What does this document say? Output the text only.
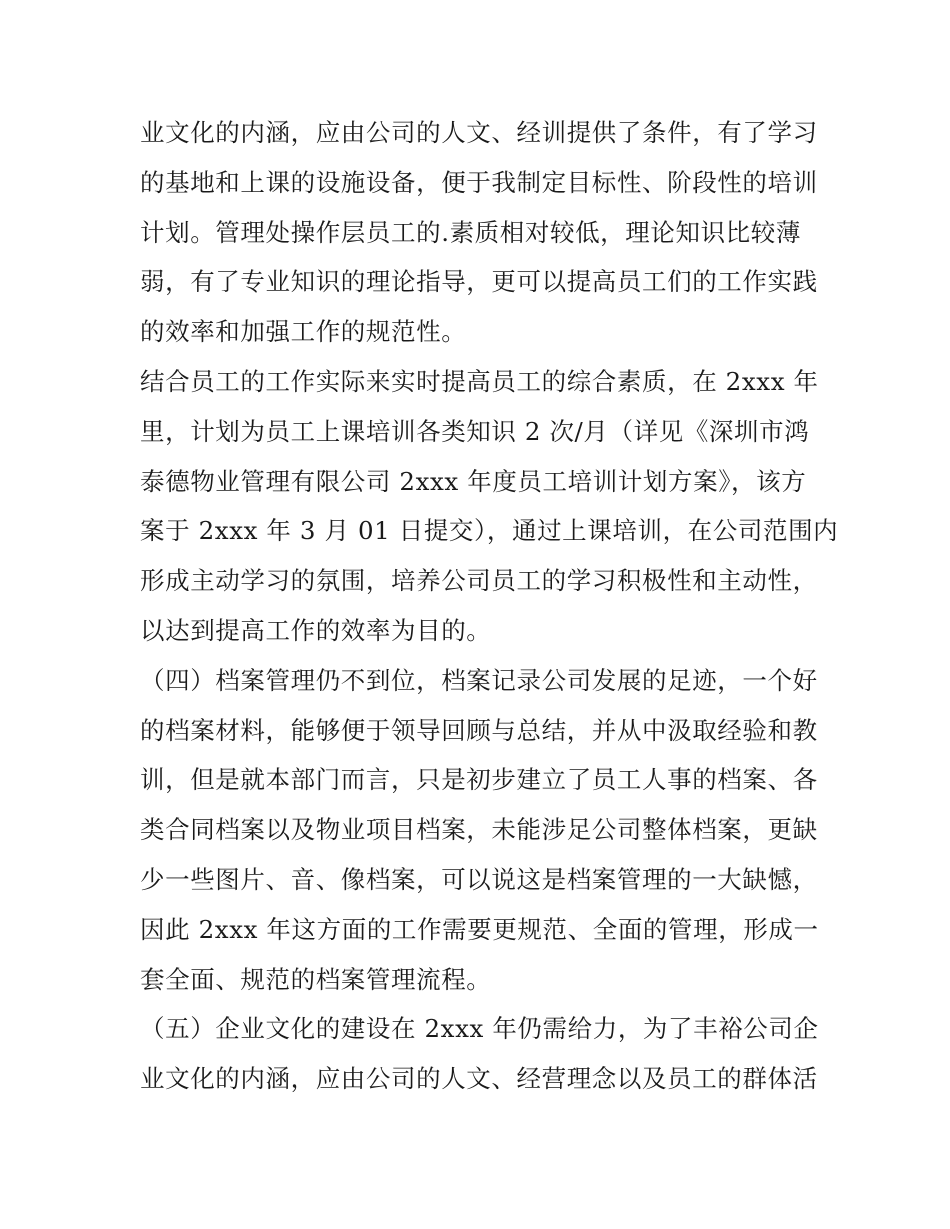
业文化的内涵，应由公司的人文、经训提供了条件，有了学习
的基地和上课的设施设备，便于我制定目标性、阶段性的培训
计划。管理处操作层员工的.素质相对较低，理论知识比较薄
弱，有了专业知识的理论指导，更可以提高员工们的工作实践
的效率和加强工作的规范性。
结合员工的工作实际来实时提高员工的综合素质，在 2xxx 年
里，计划为员工上课培训各类知识 2 次/月（详见《深圳市鸿
泰德物业管理有限公司 2xxx 年度员工培训计划方案》，该方
案于 2xxx 年 3 月 01 日提交），通过上课培训，在公司范围内
形成主动学习的氛围，培养公司员工的学习积极性和主动性，
以达到提高工作的效率为目的。
（四）档案管理仍不到位，档案记录公司发展的足迹，一个好
的档案材料，能够便于领导回顾与总结，并从中汲取经验和教
训，但是就本部门而言，只是初步建立了员工人事的档案、各
类合同档案以及物业项目档案，未能涉足公司整体档案，更缺
少一些图片、音、像档案，可以说这是档案管理的一大缺憾，
因此 2xxx 年这方面的工作需要更规范、全面的管理，形成一
套全面、规范的档案管理流程。
（五）企业文化的建设在 2xxx 年仍需给力，为了丰裕公司企
业文化的内涵，应由公司的人文、经营理念以及员工的群体活
